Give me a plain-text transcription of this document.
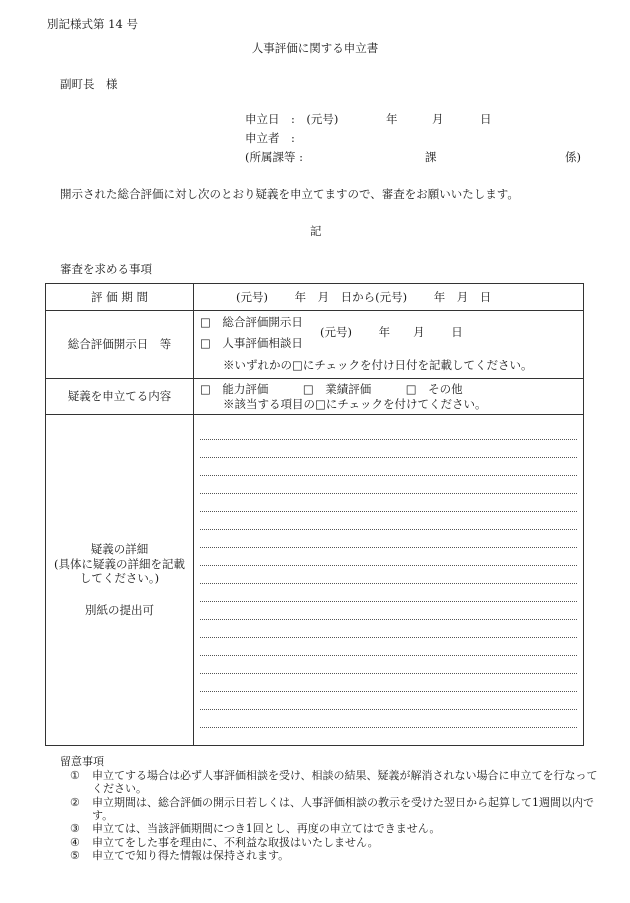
別記様式第 14 号
人事評価に関する申立書
副町長　様
申立日　:　(元号)	年	月	日
申立者　:
(所属課等 :	課	係)
開示された総合評価に対し次のとおり疑義を申立てますので、審査をお願いいたします。
記
審査を求める事項
評 価 期 間	(元号)　　 年　月　日から(元号)　　 年　月　日

総合評価開示日　等	□　総合評価開示日
□　人事評価相談日
(元号)　　 年　　月　　 日
※いずれかの□にチェックを付け日付を記載してください。

疑義を申立てる内容	□　能力評価　　　□　業績評価　　　□　その他
※該当する項目の□にチェックを付けてください。

疑義の詳細
(具体に疑義の詳細を記載
してください。)
別紙の提出可	

留意事項
①	申立てする場合は必ず人事評価相談を受け、相談の結果、疑義が解消されない場合に申立てを行なってください。
②	申立期間は、総合評価の開示日若しくは、人事評価相談の教示を受けた翌日から起算して1週間以内です。
③	申立ては、当該評価期間につき1回とし、再度の申立てはできません。
④	申立てをした事を理由に、不利益な取扱はいたしません。
⑤	申立てで知り得た情報は保持されます。
